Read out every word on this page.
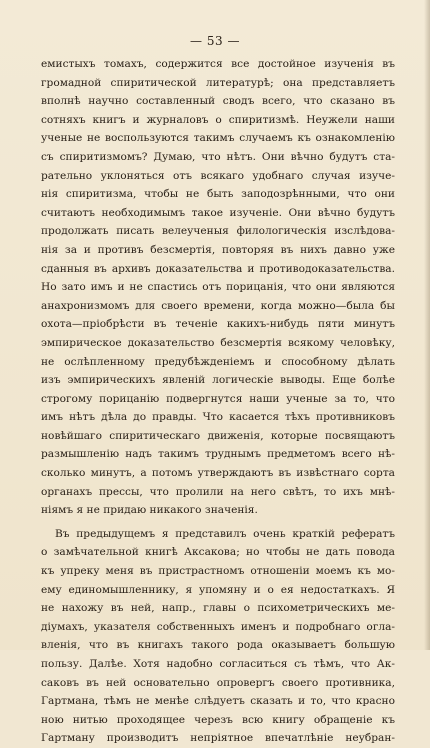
— 53 —
емистыхъ томахъ, содержится все достойное изученія въ
громадной спиритической литературѣ; она представляетъ
вполнѣ научно составленный сводъ всего, что сказано въ
сотняхъ книгъ и журналовъ о спиритизмѣ. Неужели наши
ученые не воспользуются такимъ случаемъ къ ознакомленію
съ спиритизмомъ? Думаю, что нѣтъ. Они вѣчно будутъ ста-
рательно уклоняться отъ всякаго удобнаго случая изуче-
нія спиритизма, чтобы не быть заподозрѣнными, что они
считаютъ необходимымъ такое изученіе. Они вѣчно будутъ
продолжать писать велеученыя филологическія изслѣдова-
нія за и противъ безсмертія, повторяя въ нихъ давно уже
сданныя въ архивъ доказательства и противодоказательства.
Но зато имъ и не спастись отъ порицанія, что они являются
анахронизмомъ для своего времени, когда можно—была бы
охота—пріобрѣсти въ теченіе какихъ-нибудь пяти минутъ
эмпирическое доказательство безсмертія всякому человѣку,
не ослѣпленному предубѣжденіемъ и способному дѣлать
изъ эмпирическихъ явленій логическіе выводы. Еще болѣе
строгому порицанію подвергнутся наши ученые за то, что
имъ нѣтъ дѣла до правды. Что касается тѣхъ противниковъ
новѣйшаго спиритическаго движенія, которые посвящаютъ
размышленію надъ такимъ труднымъ предметомъ всего нѣ-
сколько минутъ, а потомъ утверждаютъ въ извѣстнаго сорта
органахъ прессы, что пролили на него свѣтъ, то ихъ мнѣ-
ніямъ я не придаю никакого значенія.
Въ предыдущемъ я представилъ очень краткій рефератъ
о замѣчательной книгѣ Аксакова; но чтобы не дать повода
къ упреку меня въ пристрастномъ отношеніи моемъ къ мо-
ему единомышленнику, я упомяну и о ея недостаткахъ. Я
не нахожу въ ней, напр., главы о психометрическихъ ме-
діумахъ, указателя собственныхъ именъ и подробнаго огла-
вленія, что въ книгахъ такого рода оказываетъ большую
пользу. Далѣе. Хотя надобно согласиться съ тѣмъ, что Ак-
саковъ въ ней основательно опровергъ своего противника,
Гартмана, тѣмъ не менѣе слѣдуетъ сказать и то, что красно
ною нитью проходящее черезъ всю книгу обращеніе къ
Гартману производитъ непріятное впечатлѣніе неубран-
